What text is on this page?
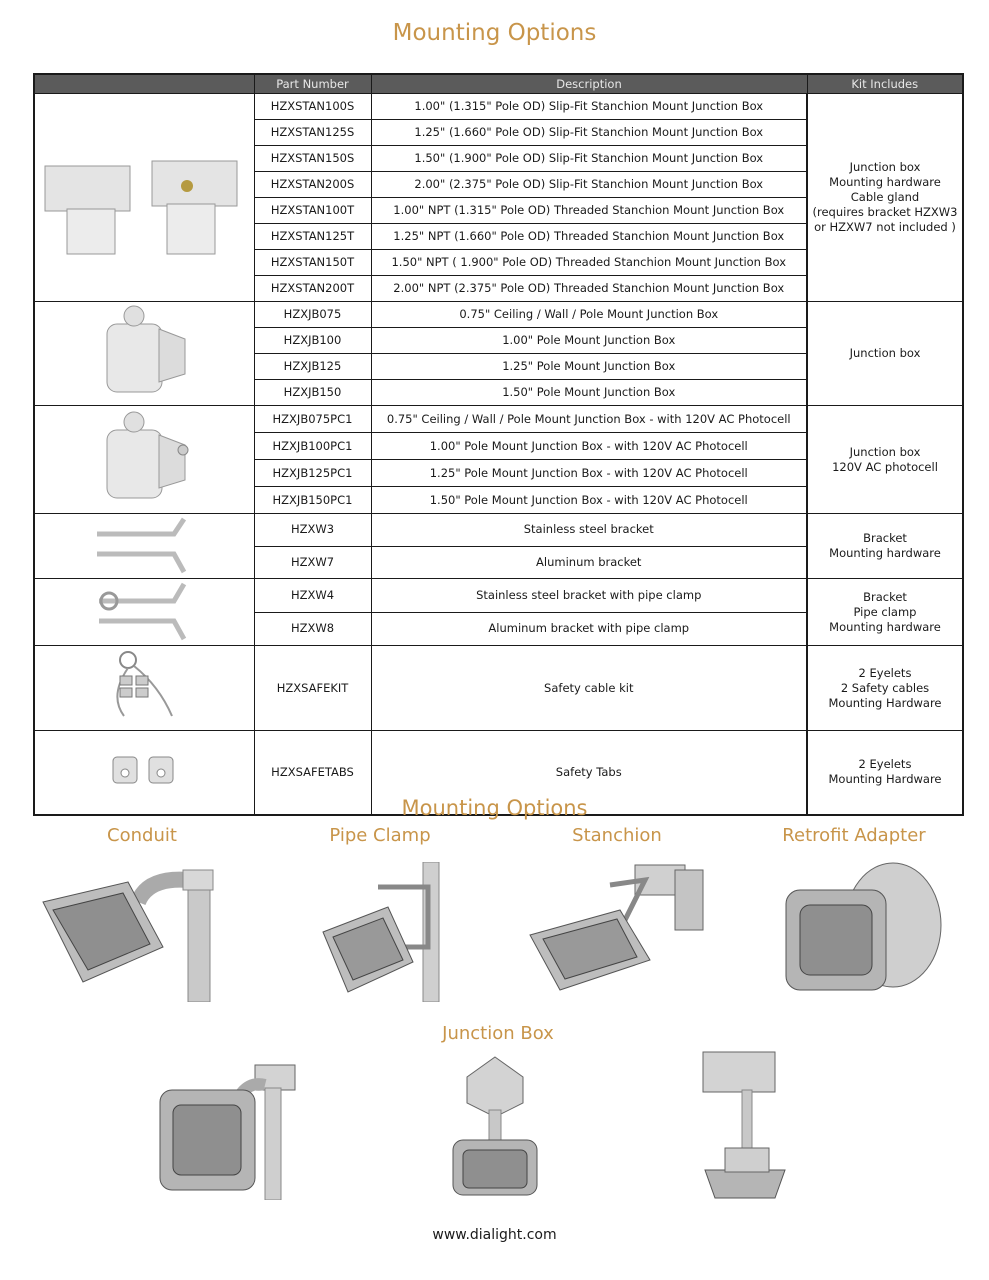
Mounting Options
	Part Number	Description	Kit Includes
	HZXSTAN100S	1.00" (1.315" Pole OD) Slip-Fit Stanchion Mount Junction Box	Junction box
Mounting hardware
Cable gland
(requires bracket HZXW3
or HZXW7 not included )

	HZXSTAN125S	1.25" (1.660" Pole OD) Slip-Fit Stanchion Mount Junction Box	
	HZXSTAN150S	1.50" (1.900" Pole OD) Slip-Fit Stanchion Mount Junction Box	
	HZXSTAN200S	2.00" (2.375" Pole OD) Slip-Fit Stanchion Mount Junction Box	
	HZXSTAN100T	1.00" NPT (1.315" Pole OD) Threaded Stanchion Mount Junction Box	
	HZXSTAN125T	1.25" NPT (1.660" Pole OD) Threaded Stanchion Mount Junction Box	
	HZXSTAN150T	1.50" NPT ( 1.900" Pole OD) Threaded Stanchion Mount Junction Box	
	HZXSTAN200T	2.00" NPT (2.375" Pole OD) Threaded Stanchion Mount Junction Box	
	HZXJB075	0.75" Ceiling / Wall / Pole Mount Junction Box	Junction box

	HZXJB100	1.00" Pole Mount Junction Box	
	HZXJB125	1.25" Pole Mount Junction Box	
	HZXJB150	1.50" Pole Mount Junction Box	
	HZXJB075PC1	0.75" Ceiling / Wall / Pole Mount Junction Box - with 120V AC Photocell	Junction box
120V AC photocell

	HZXJB100PC1	1.00" Pole Mount Junction Box - with 120V AC Photocell	
	HZXJB125PC1	1.25" Pole Mount Junction Box - with 120V AC Photocell	
	HZXJB150PC1	1.50" Pole Mount Junction Box - with 120V AC Photocell	
	HZXW3	Stainless steel bracket	Bracket
Mounting hardware

	HZXW7	Aluminum bracket	
	HZXW4	Stainless steel bracket with pipe clamp	Bracket
Pipe clamp
Mounting hardware

	HZXW8	Aluminum bracket with pipe clamp	
	HZXSAFEKIT	Safety cable kit	2 Eyelets
2 Safety cables
Mounting Hardware

	HZXSAFETABS	Safety Tabs	2 Eyelets
Mounting Hardware
Mounting Options
Conduit	Pipe Clamp	Stanchion	Retrofit Adapter
Junction Box
www.dialight.com
